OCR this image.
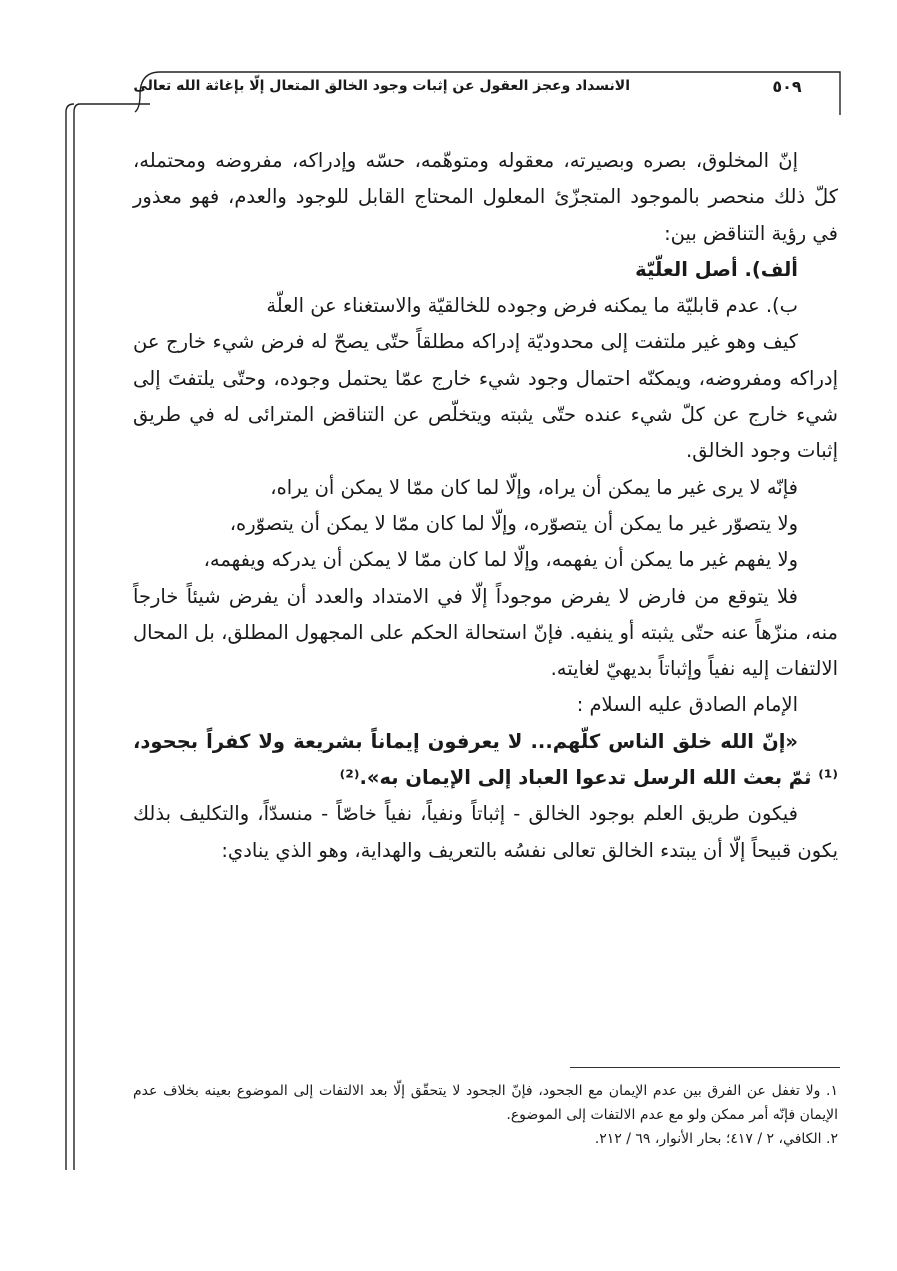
٥٠٩
الانسداد وعجز العقول عن إثبات وجود الخالق المتعال إلّا بإغاثة الله تعالى

إنّ المخلوق، بصره وبصيرته، معقوله ومتوهّمه، حسّه وإدراكه، مفروضه ومحتمله، كلّ ذلك منحصر بالموجود المتجزّئ المعلول المحتاج القابل للوجود والعدم، فهو معذور في رؤية التناقض بين:

ألف). أصل العلّيّة

ب). عدم قابليّة ما يمكنه فرض وجوده للخالقيّة والاستغناء عن العلّة

كيف وهو غير ملتفت إلى محدوديّة إدراكه مطلقاً حتّى يصحّ له فرض شيء خارج عن إدراكه ومفروضه، ويمكنّه احتمال وجود شيء خارج عمّا يحتمل وجوده، وحتّى يلتفتَ إلى شيء خارج عن كلّ شيء عنده حتّى يثبته ويتخلّص عن التناقض المترائى له في طريق إثبات وجود الخالق.

فإنّه لا يرى غير ما يمكن أن يراه، وإلّا لما كان ممّا لا يمكن أن يراه،

ولا يتصوّر غير ما يمكن أن يتصوّره، وإلّا لما كان ممّا لا يمكن أن يتصوّره،

ولا يفهم غير ما يمكن أن يفهمه، وإلّا لما كان ممّا لا يمكن أن يدركه ويفهمه،

فلا يتوقع من فارض لا يفرض موجوداً إلّا في الامتداد والعدد أن يفرض شيئاً خارجاً منه، منزّهاً عنه حتّى يثبته أو ينفيه. فإنّ استحالة الحكم على المجهول المطلق، بل المحال الالتفات إليه نفياً وإثباتاً بديهيّ لغايته.

الإمام الصادق عليه السلام :

«إنّ الله خلق الناس كلّهم... لا يعرفون إيماناً بشريعة ولا كفراً بجحود،⁽¹⁾ ثمّ بعث الله الرسل تدعوا العباد إلى الإيمان به».⁽²⁾

فيكون طريق العلم بوجود الخالق - إثباتاً ونفياً، نفياً خاصّاً - منسدّاً، والتكليف بذلك يكون قبيحاً إلّا أن يبتدء الخالق تعالى نفسُه بالتعريف والهداية، وهو الذي ينادي:

١. ولا تغفل عن الفرق بين عدم الإيمان مع الجحود، فإنّ الجحود لا يتحقّق إلّا بعد الالتفات إلى الموضوع بعينه بخلاف عدم الإيمان فإنّه أمر ممكن ولو مع عدم الالتفات إلى الموضوع.

٢. الكافي، ٢ / ٤١٧؛ بحار الأنوار، ٦٩ / ٢١٢.
